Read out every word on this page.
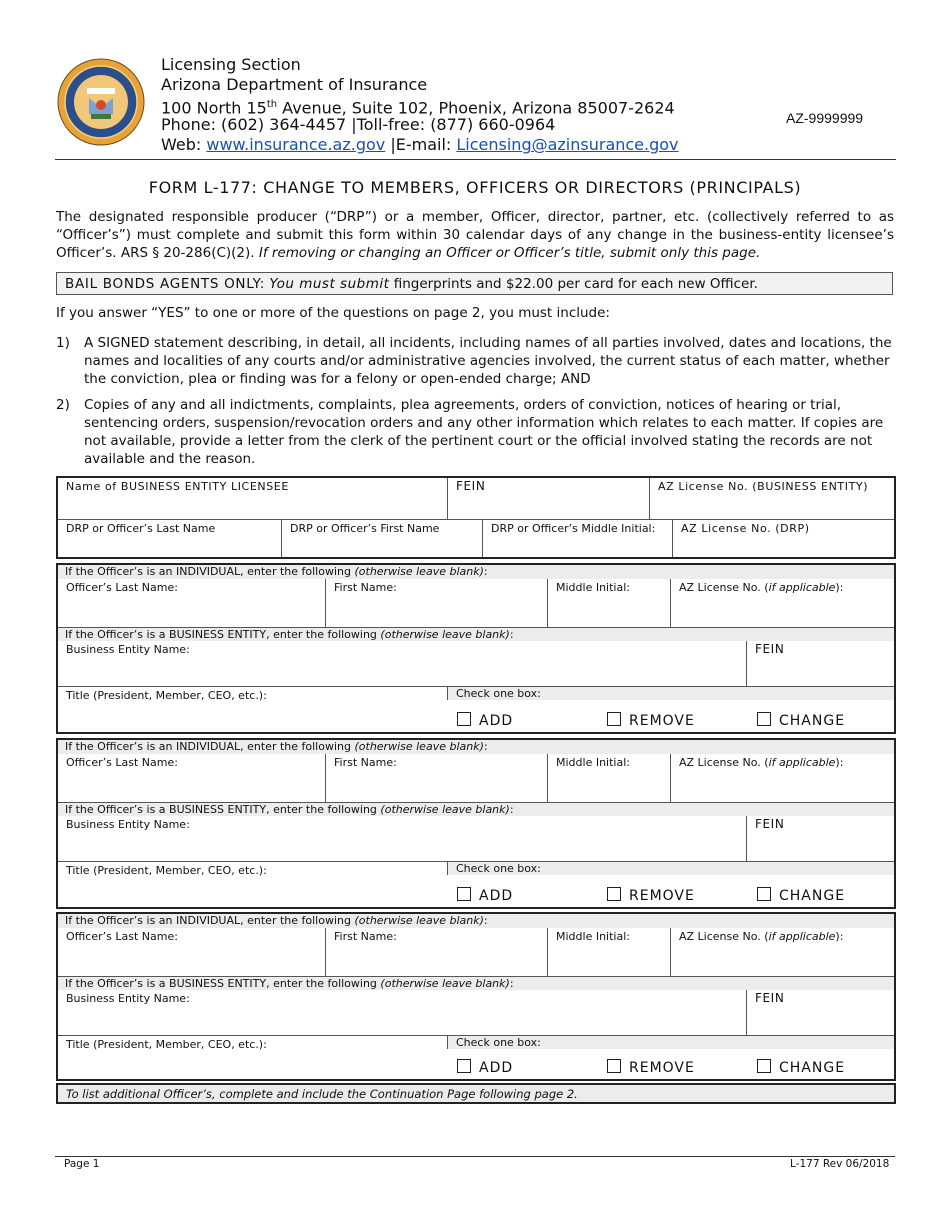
Licensing Section
Arizona Department of Insurance
100 North 15th Avenue, Suite 102, Phoenix, Arizona 85007-2624
Phone: (602) 364-4457 |Toll-free: (877) 660-0964
Web: www.insurance.az.gov |E-mail: Licensing@azinsurance.gov
AZ-9999999
FORM L-177: CHANGE TO MEMBERS, OFFICERS OR DIRECTORS (PRINCIPALS)
The designated responsible producer (“DRP”) or a member, Officer, director, partner, etc. (collectively referred to as “Officer’s”) must complete and submit this form within 30 calendar days of any change in the business-entity licensee’s Officer’s. ARS § 20-286(C)(2). If removing or changing an Officer or Officer’s title, submit only this page.
BAIL BONDS AGENTS ONLY: You must submit fingerprints and $22.00 per card for each new Officer.
If you answer “YES” to one or more of the questions on page 2, you must include:
1) A SIGNED statement describing, in detail, all incidents, including names of all parties involved, dates and locations, the names and localities of any courts and/or administrative agencies involved, the current status of each matter, whether the conviction, plea or finding was for a felony or open-ended charge; AND
2) Copies of any and all indictments, complaints, plea agreements, orders of conviction, notices of hearing or trial, sentencing orders, suspension/revocation orders and any other information which relates to each matter. If copies are not available, provide a letter from the clerk of the pertinent court or the official involved stating the records are not available and the reason.
Name of BUSINESS ENTITY LICENSEE	FEIN	AZ License No. (BUSINESS ENTITY)
DRP or Officer’s Last Name	DRP or Officer’s First Name	DRP or Officer’s Middle Initial:	AZ License No. (DRP)
If the Officer’s is an INDIVIDUAL, enter the following (otherwise leave blank):
Officer’s Last Name:	First Name:	Middle Initial:	AZ License No. (if applicable):
If the Officer’s is a BUSINESS ENTITY, enter the following (otherwise leave blank):
Business Entity Name:	FEIN
Title (President, Member, CEO, etc.):	Check one box:
ADD	REMOVE	CHANGE
If the Officer’s is an INDIVIDUAL, enter the following (otherwise leave blank):
Officer’s Last Name:	First Name:	Middle Initial:	AZ License No. (if applicable):
If the Officer’s is a BUSINESS ENTITY, enter the following (otherwise leave blank):
Business Entity Name:	FEIN
Title (President, Member, CEO, etc.):	Check one box:
ADD	REMOVE	CHANGE
If the Officer’s is an INDIVIDUAL, enter the following (otherwise leave blank):
Officer’s Last Name:	First Name:	Middle Initial:	AZ License No. (if applicable):
If the Officer’s is a BUSINESS ENTITY, enter the following (otherwise leave blank):
Business Entity Name:	FEIN
Title (President, Member, CEO, etc.):	Check one box:
ADD	REMOVE	CHANGE
To list additional Officer’s, complete and include the Continuation Page following page 2.
Page 1	L-177 Rev 06/2018
